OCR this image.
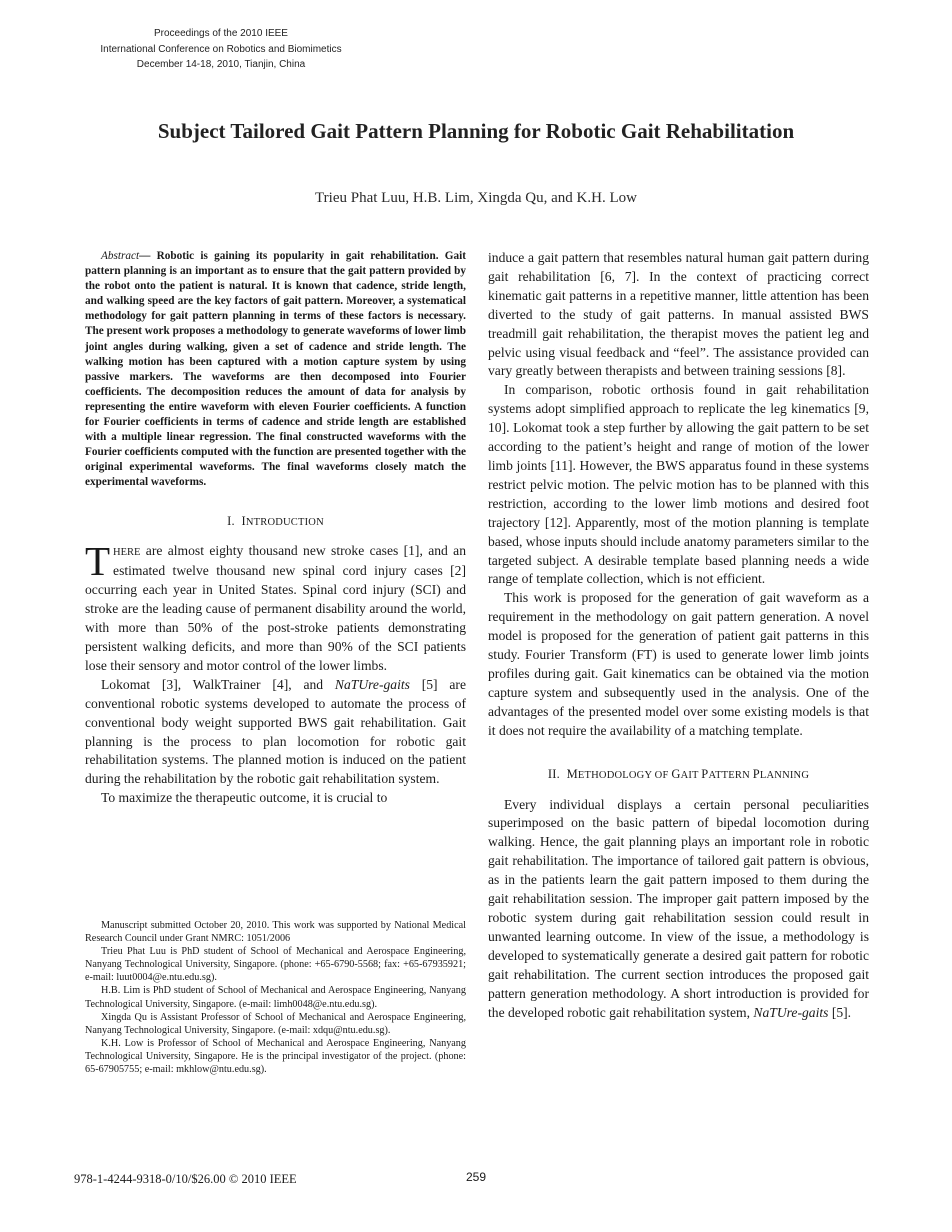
Proceedings of the 2010 IEEE
International Conference on Robotics and Biomimetics
December 14-18, 2010, Tianjin, China
Subject Tailored Gait Pattern Planning for Robotic Gait Rehabilitation
Trieu Phat Luu, H.B. Lim, Xingda Qu, and K.H. Low

Abstract— Robotic is gaining its popularity in gait rehabilitation. Gait pattern planning is an important as to ensure that the gait pattern provided by the robot onto the patient is natural. It is known that cadence, stride length, and walking speed are the key factors of gait pattern. Moreover, a systematical methodology for gait pattern planning in terms of these factors is necessary. The present work proposes a methodology to generate waveforms of lower limb joint angles during walking, given a set of cadence and stride length. The walking motion has been captured with a motion capture system by using passive markers. The waveforms are then decomposed into Fourier coefficients. The decomposition reduces the amount of data for analysis by representing the entire waveform with eleven Fourier coefficients. A function for Fourier coefficients in terms of cadence and stride length are established with a multiple linear regression. The final constructed waveforms with the Fourier coefficients computed with the function are presented together with the original experimental waveforms. The final waveforms closely match the experimental waveforms.

I. INTRODUCTION

THERE are almost eighty thousand new stroke cases [1], and an estimated twelve thousand new spinal cord injury cases [2] occurring each year in United States. Spinal cord injury (SCI) and stroke are the leading cause of permanent disability around the world, with more than 50% of the post-stroke patients demonstrating persistent walking deficits, and more than 90% of the SCI patients lose their sensory and motor control of the lower limbs.

Lokomat [3], WalkTrainer [4], and NaTUre-gaits [5] are conventional robotic systems developed to automate the process of conventional body weight supported BWS gait rehabilitation. Gait planning is the process to plan locomotion for robotic gait rehabilitation systems. The planned motion is induced on the patient during the rehabilitation by the robotic gait rehabilitation system.

To maximize the therapeutic outcome, it is crucial to

Manuscript submitted October 20, 2010. This work was supported by National Medical Research Council under Grant NMRC: 1051/2006

Trieu Phat Luu is PhD student of School of Mechanical and Aerospace Engineering, Nanyang Technological University, Singapore. (phone: +65-6790-5568; fax: +65-67935921; e-mail: luut0004@e.ntu.edu.sg).

H.B. Lim is PhD student of School of Mechanical and Aerospace Engineering, Nanyang Technological University, Singapore. (e-mail: limh0048@e.ntu.edu.sg).

Xingda Qu is Assistant Professor of School of Mechanical and Aerospace Engineering, Nanyang Technological University, Singapore. (e-mail: xdqu@ntu.edu.sg).

K.H. Low is Professor of School of Mechanical and Aerospace Engineering, Nanyang Technological University, Singapore. He is the principal investigator of the project. (phone: 65-67905755; e-mail: mkhlow@ntu.edu.sg).

induce a gait pattern that resembles natural human gait pattern during gait rehabilitation [6, 7]. In the context of practicing correct kinematic gait patterns in a repetitive manner, little attention has been diverted to the study of gait patterns. In manual assisted BWS treadmill gait rehabilitation, the therapist moves the patient leg and pelvic using visual feedback and “feel”. The assistance provided can vary greatly between therapists and between training sessions [8].

In comparison, robotic orthosis found in gait rehabilitation systems adopt simplified approach to replicate the leg kinematics [9, 10]. Lokomat took a step further by allowing the gait pattern to be set according to the patient’s height and range of motion of the lower limb joints [11]. However, the BWS apparatus found in these systems restrict pelvic motion. The pelvic motion has to be planned with this restriction, according to the lower limb motions and desired foot trajectory [12]. Apparently, most of the motion planning is template based, whose inputs should include anatomy parameters similar to the targeted subject. A desirable template based planning needs a wide range of template collection, which is not efficient.

This work is proposed for the generation of gait waveform as a requirement in the methodology on gait pattern generation. A novel model is proposed for the generation of patient gait patterns in this study. Fourier Transform (FT) is used to generate lower limb joints profiles during gait. Gait kinematics can be obtained via the motion capture system and subsequently used in the analysis. One of the advantages of the presented model over some existing models is that it does not require the availability of a matching template.

II. METHODOLOGY OF GAIT PATTERN PLANNING

Every individual displays a certain personal peculiarities superimposed on the basic pattern of bipedal locomotion during walking. Hence, the gait planning plays an important role in robotic gait rehabilitation. The importance of tailored gait pattern is obvious, as in the patients learn the gait pattern imposed to them during the gait rehabilitation session. The improper gait pattern imposed by the robotic system during gait rehabilitation session could result in unwanted learning outcome. In view of the issue, a methodology is developed to systematically generate a desired gait pattern for robotic gait rehabilitation. The current section introduces the proposed gait pattern generation methodology. A short introduction is provided for the developed robotic gait rehabilitation system, NaTUre-gaits [5].

978-1-4244-9318-0/10/$26.00 © 2010 IEEE	259
